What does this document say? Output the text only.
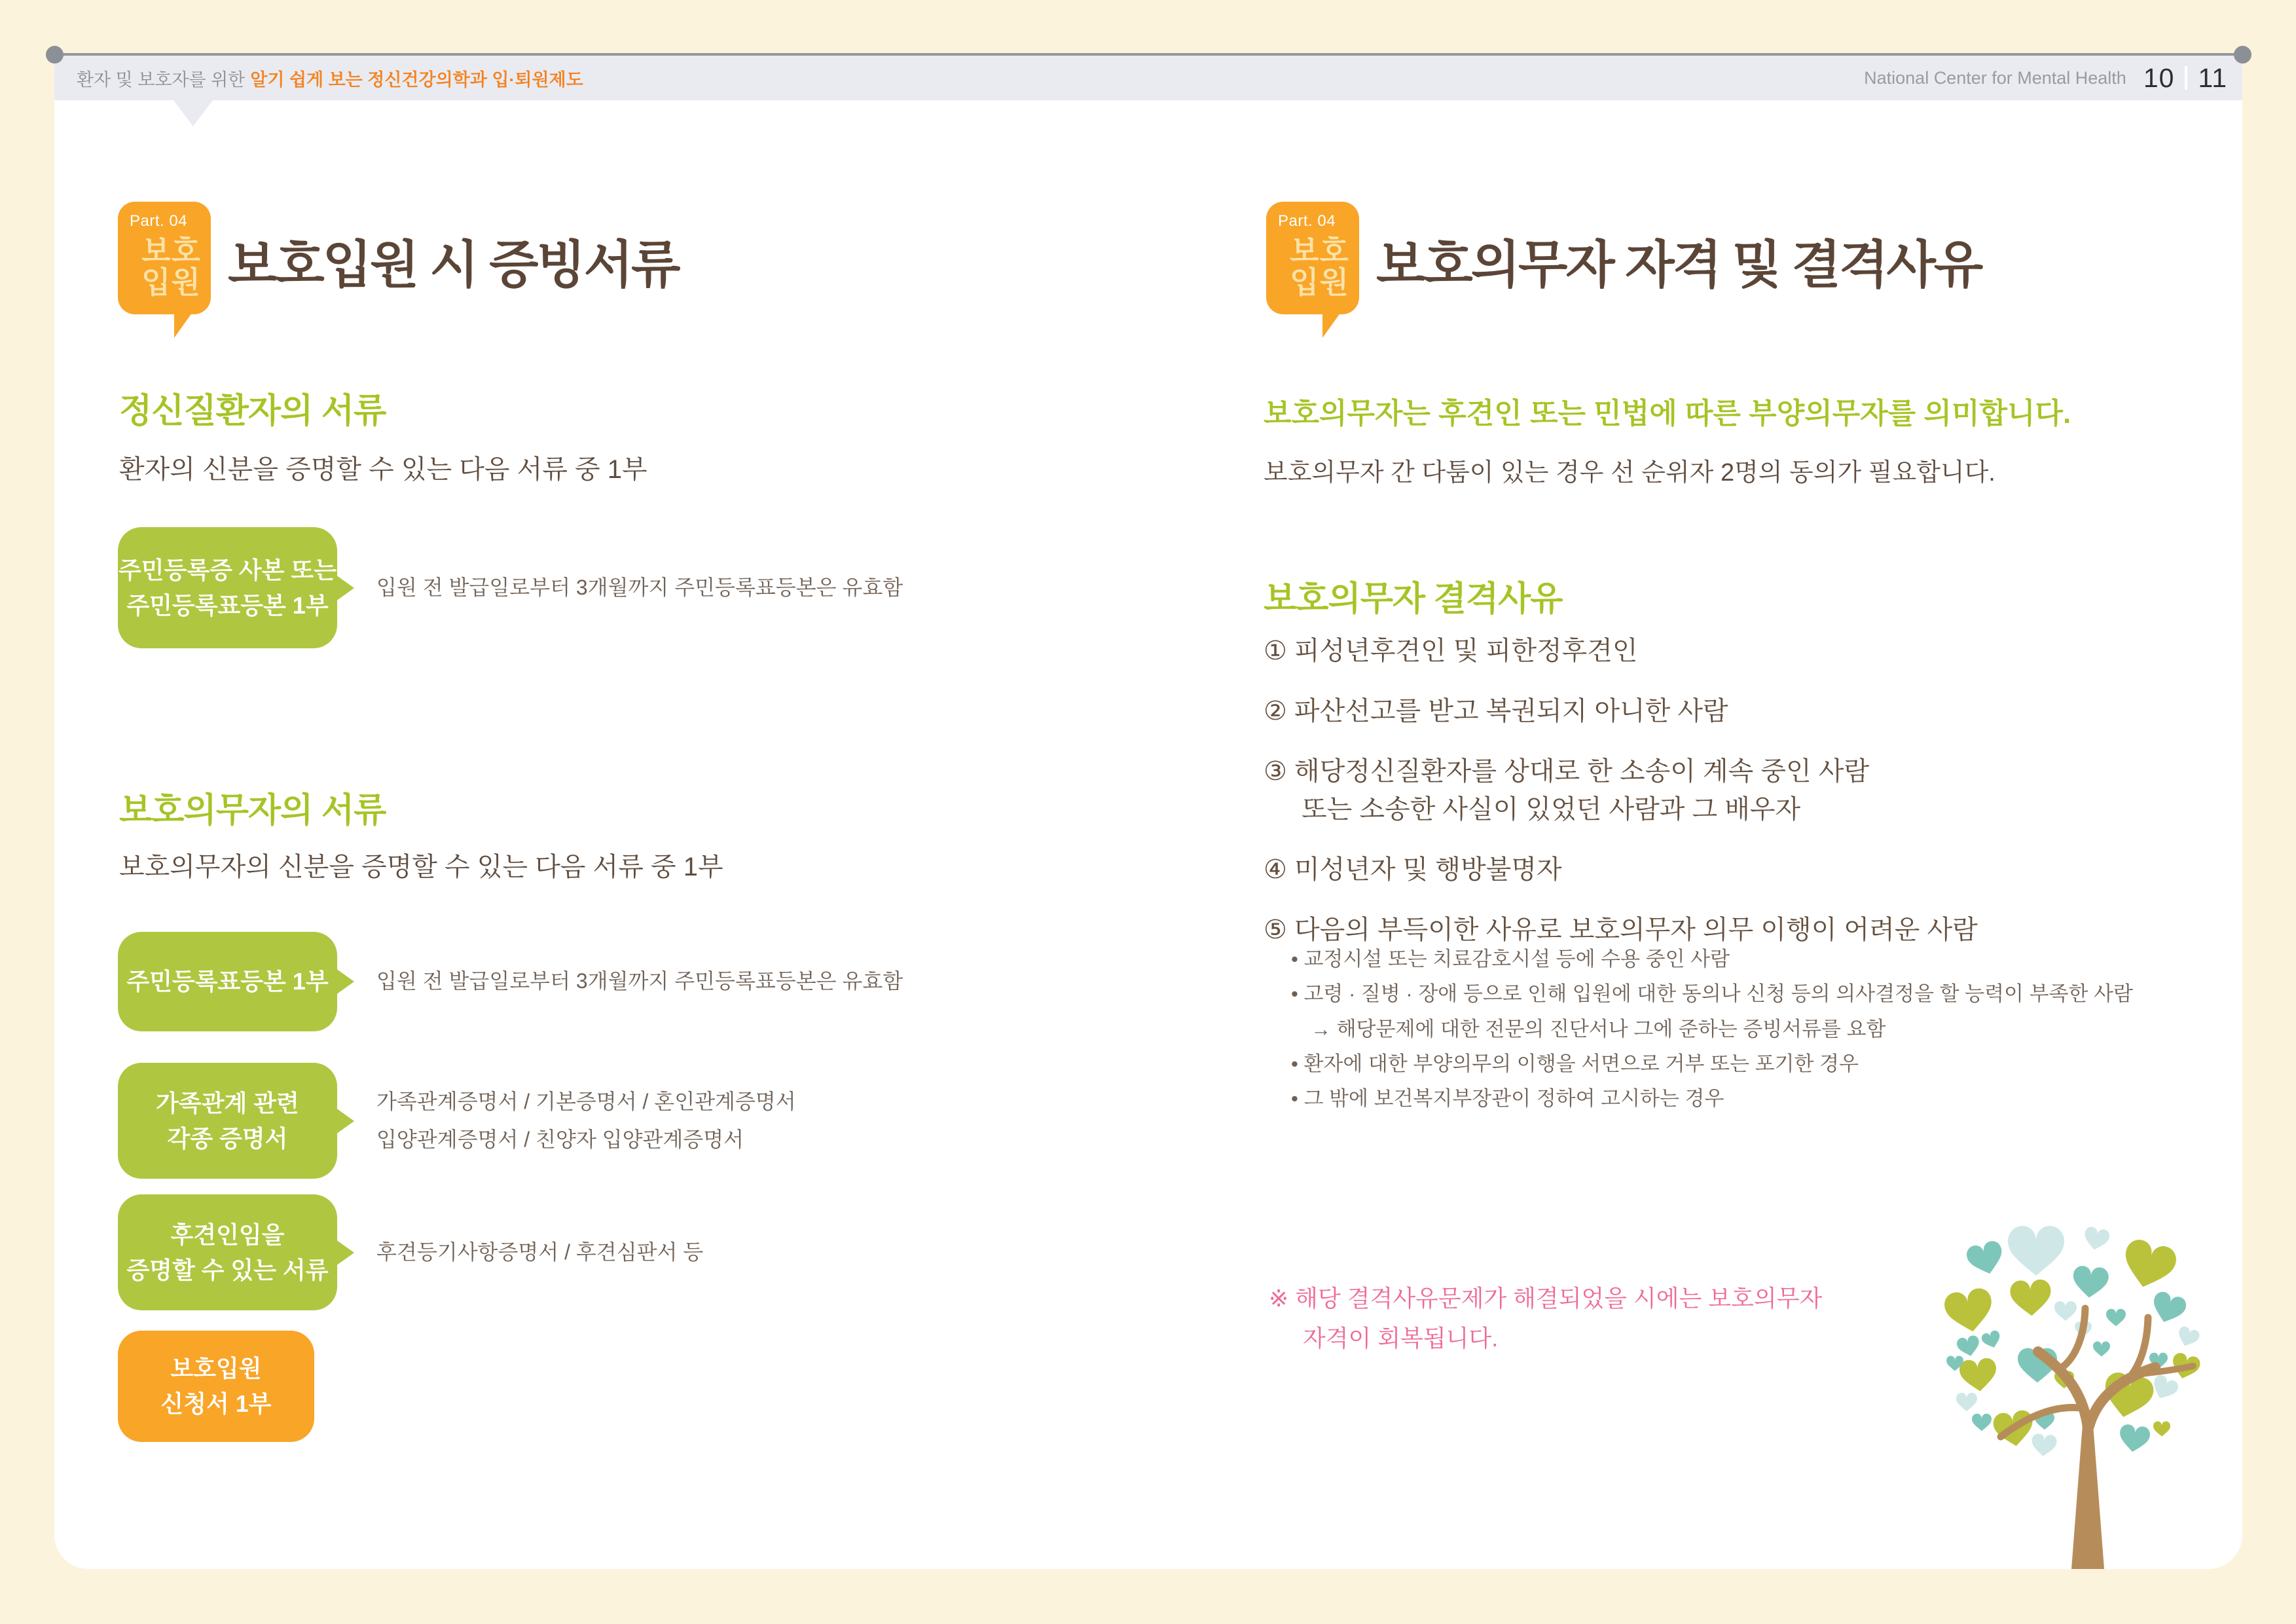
환자 및 보호자를 위한 알기 쉽게 보는 정신건강의학과 입·퇴원제도	National Center for Mental Health 10 11
Part. 04
보호
입원 보호입원 시 증빙서류
정신질환자의 서류
환자의 신분을 증명할 수 있는 다음 서류 중 1부
주민등록증 사본 또는
주민등록표등본 1부
입원 전 발급일로부터 3개월까지 주민등록표등본은 유효함
보호의무자의 서류
보호의무자의 신분을 증명할 수 있는 다음 서류 중 1부
주민등록표등본 1부	입원 전 발급일로부터 3개월까지 주민등록표등본은 유효함
가족관계 관련
각종 증명서
가족관계증명서 / 기본증명서 / 혼인관계증명서
입양관계증명서 / 친양자 입양관계증명서
후견인임을
증명할 수 있는 서류
후견등기사항증명서 / 후견심판서 등
보호입원
신청서 1부
Part. 04
보호
입원 보호의무자 자격 및 결격사유
보호의무자는 후견인 또는 민법에 따른 부양의무자를 의미합니다.
보호의무자 간 다툼이 있는 경우 선 순위자 2명의 동의가 필요합니다.
보호의무자 결격사유
① 피성년후견인 및 피한정후견인
② 파산선고를 받고 복권되지 아니한 사람
③ 해당정신질환자를 상대로 한 소송이 계속 중인 사람
또는 소송한 사실이 있었던 사람과 그 배우자
④ 미성년자 및 행방불명자
⑤ 다음의 부득이한 사유로 보호의무자 의무 이행이 어려운 사람
• 교정시설 또는 치료감호시설 등에 수용 중인 사람
• 고령 · 질병 · 장애 등으로 인해 입원에 대한 동의나 신청 등의 의사결정을 할 능력이 부족한 사람
→ 해당문제에 대한 전문의 진단서나 그에 준하는 증빙서류를 요함
• 환자에 대한 부양의무의 이행을 서면으로 거부 또는 포기한 경우
• 그 밖에 보건복지부장관이 정하여 고시하는 경우
※ 해당 결격사유문제가 해결되었을 시에는 보호의무자
자격이 회복됩니다.
